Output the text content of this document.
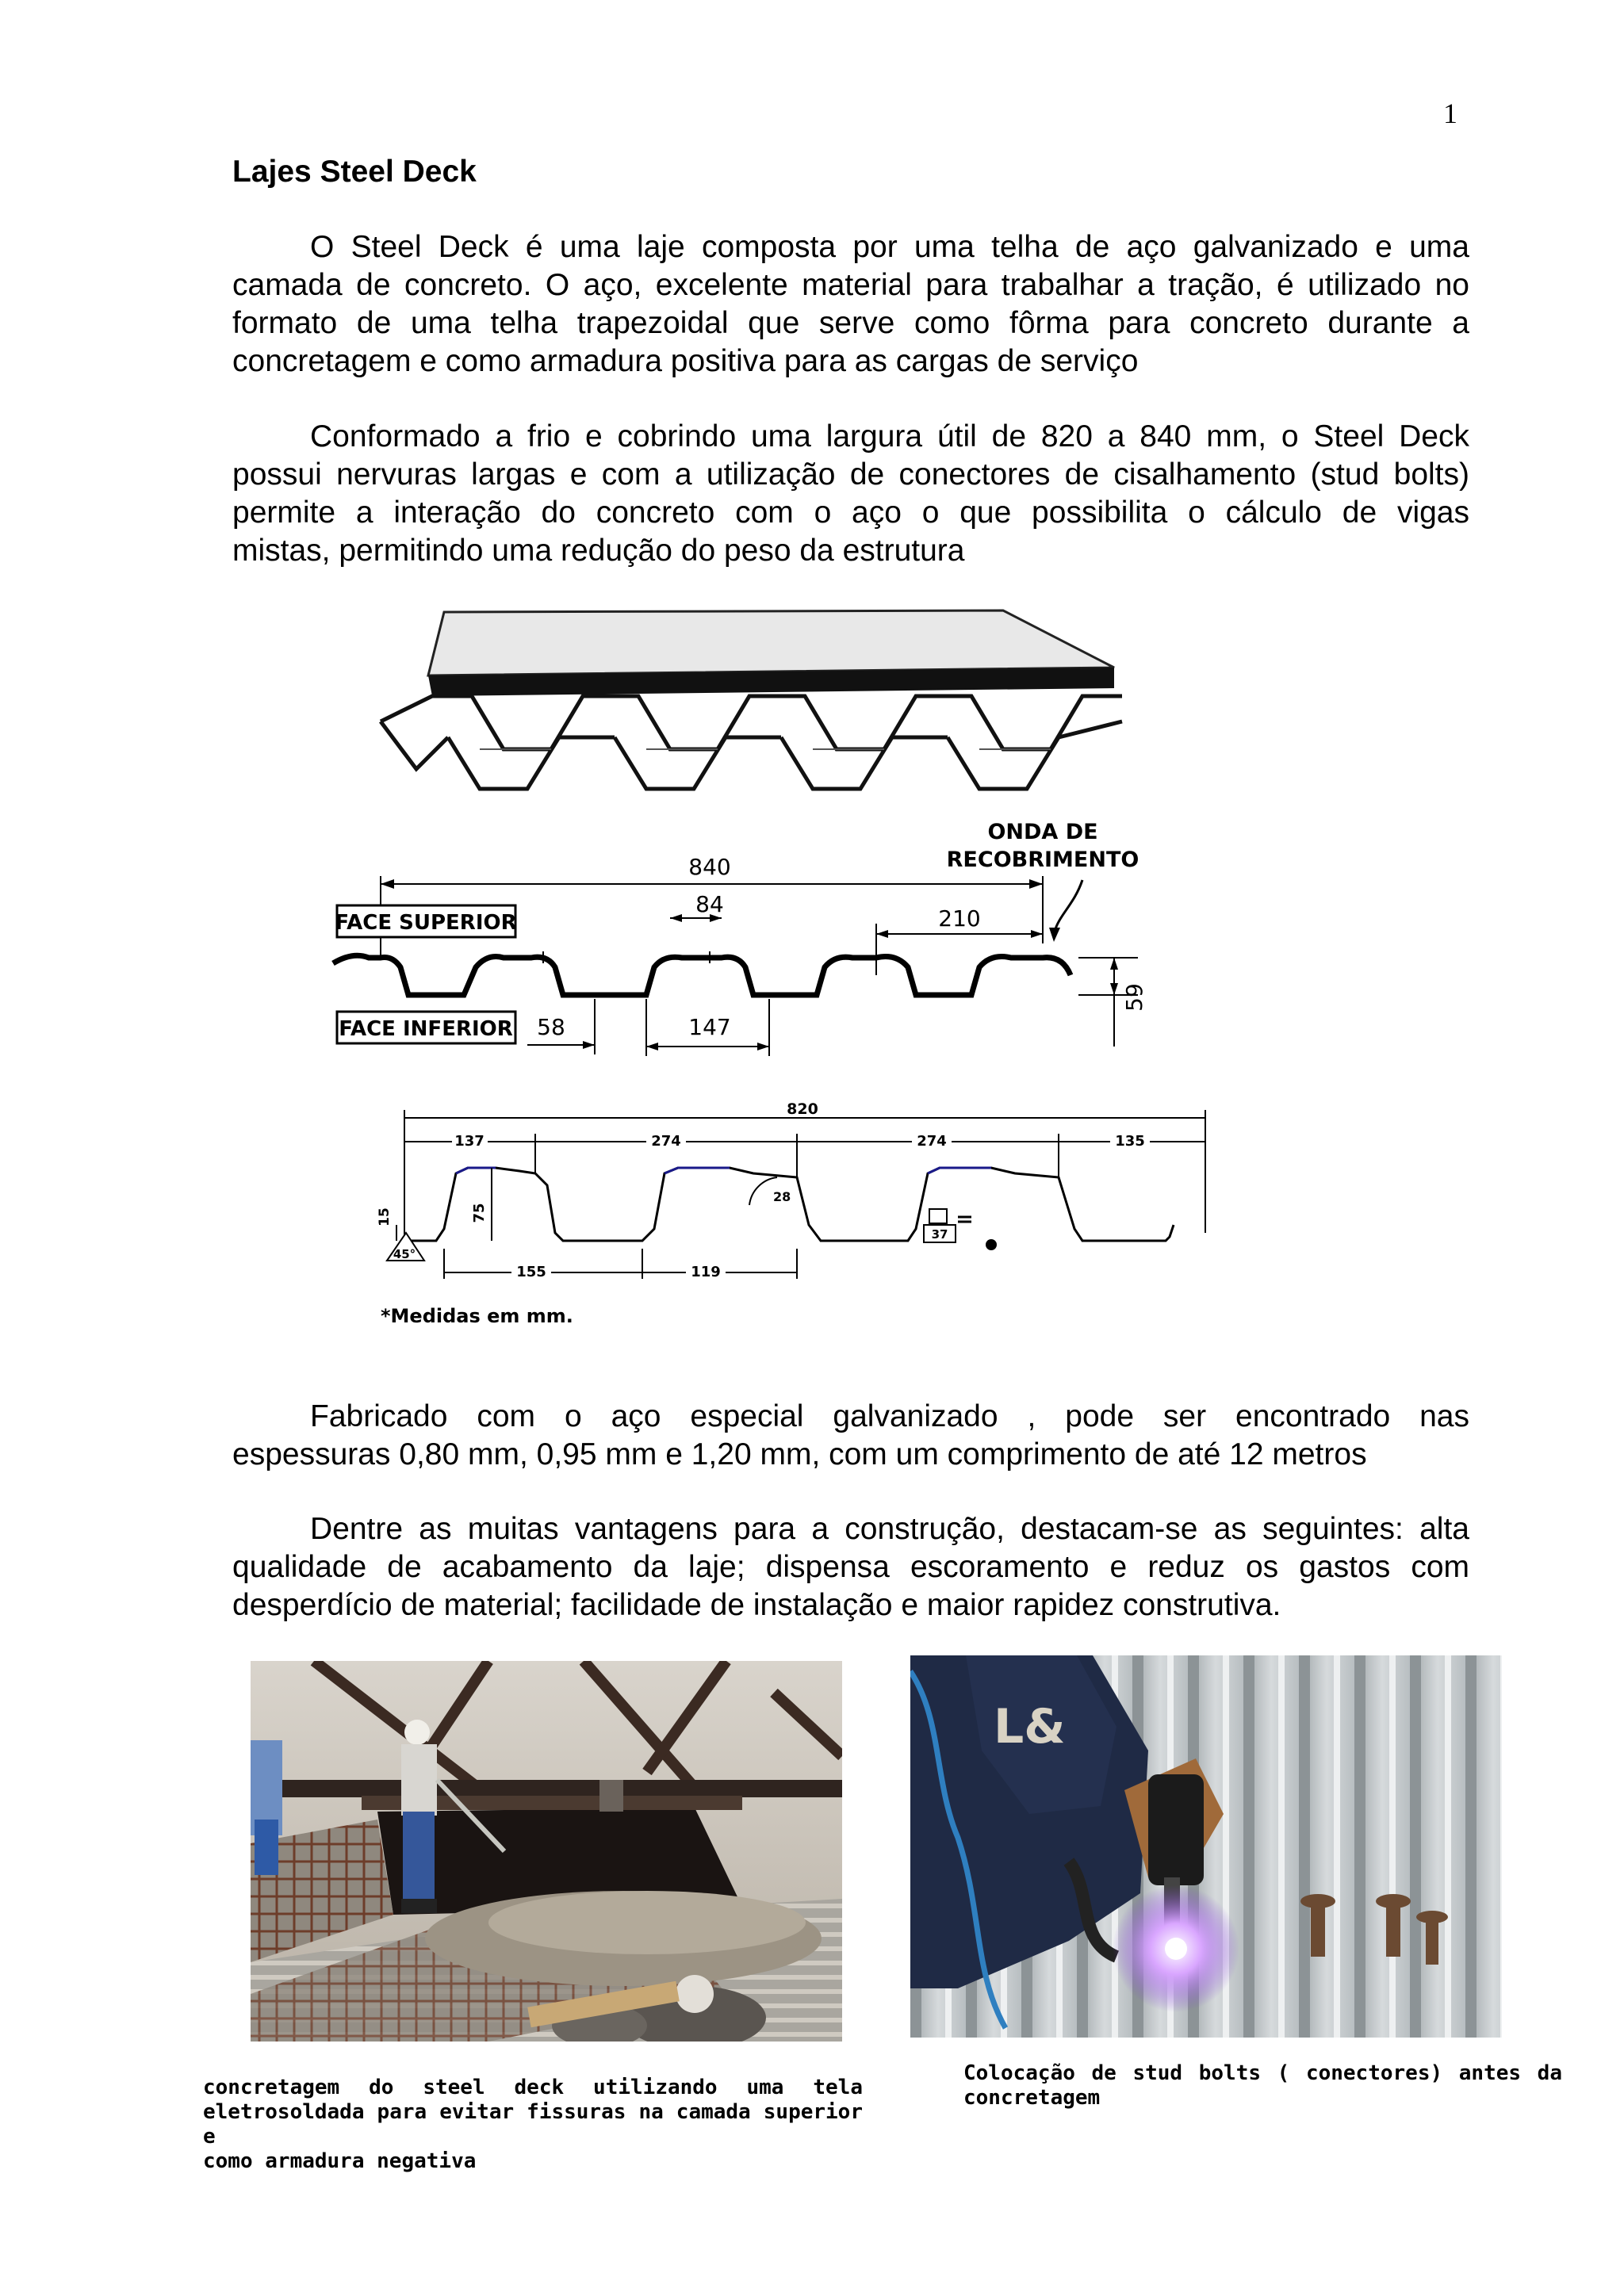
1
Lajes Steel Deck

O Steel Deck é uma laje composta por uma telha de aço galvanizado e uma
camada de concreto. O aço, excelente material para trabalhar a tração, é utilizado no
formato de uma telha trapezoidal que serve como fôrma para concreto durante a
concretagem e como armadura positiva para as cargas de serviço

Conformado a frio e cobrindo uma largura útil de 820 a 840 mm, o Steel Deck
possui nervuras largas e com a utilização de conectores de cisalhamento (stud bolts)
permite a interação do concreto com o aço o que possibilita o cálculo de vigas
mistas, permitindo uma redução do peso da estrutura

ONDA DE
RECOBRIMENTO
840
FACE SUPERIOR
84
210
59
FACE INFERIOR 58	147
820
137	274	274	135
75
15
45°
28
37
155	119
*Medidas em mm.

Fabricado com o aço especial galvanizado , pode ser encontrado nas
espessuras 0,80 mm, 0,95 mm e 1,20 mm, com um comprimento de até 12 metros

Dentre as muitas vantagens para a construção, destacam-se as seguintes: alta
qualidade de acabamento da laje; dispensa escoramento e reduz os gastos com
desperdício de material; facilidade de instalação e maior rapidez construtiva.

L&

concretagem do steel deck utilizando uma tela
eletrosoldada para evitar fissuras na camada superior e
como armadura negativa

Colocação de stud bolts ( conectores) antes da
concretagem
